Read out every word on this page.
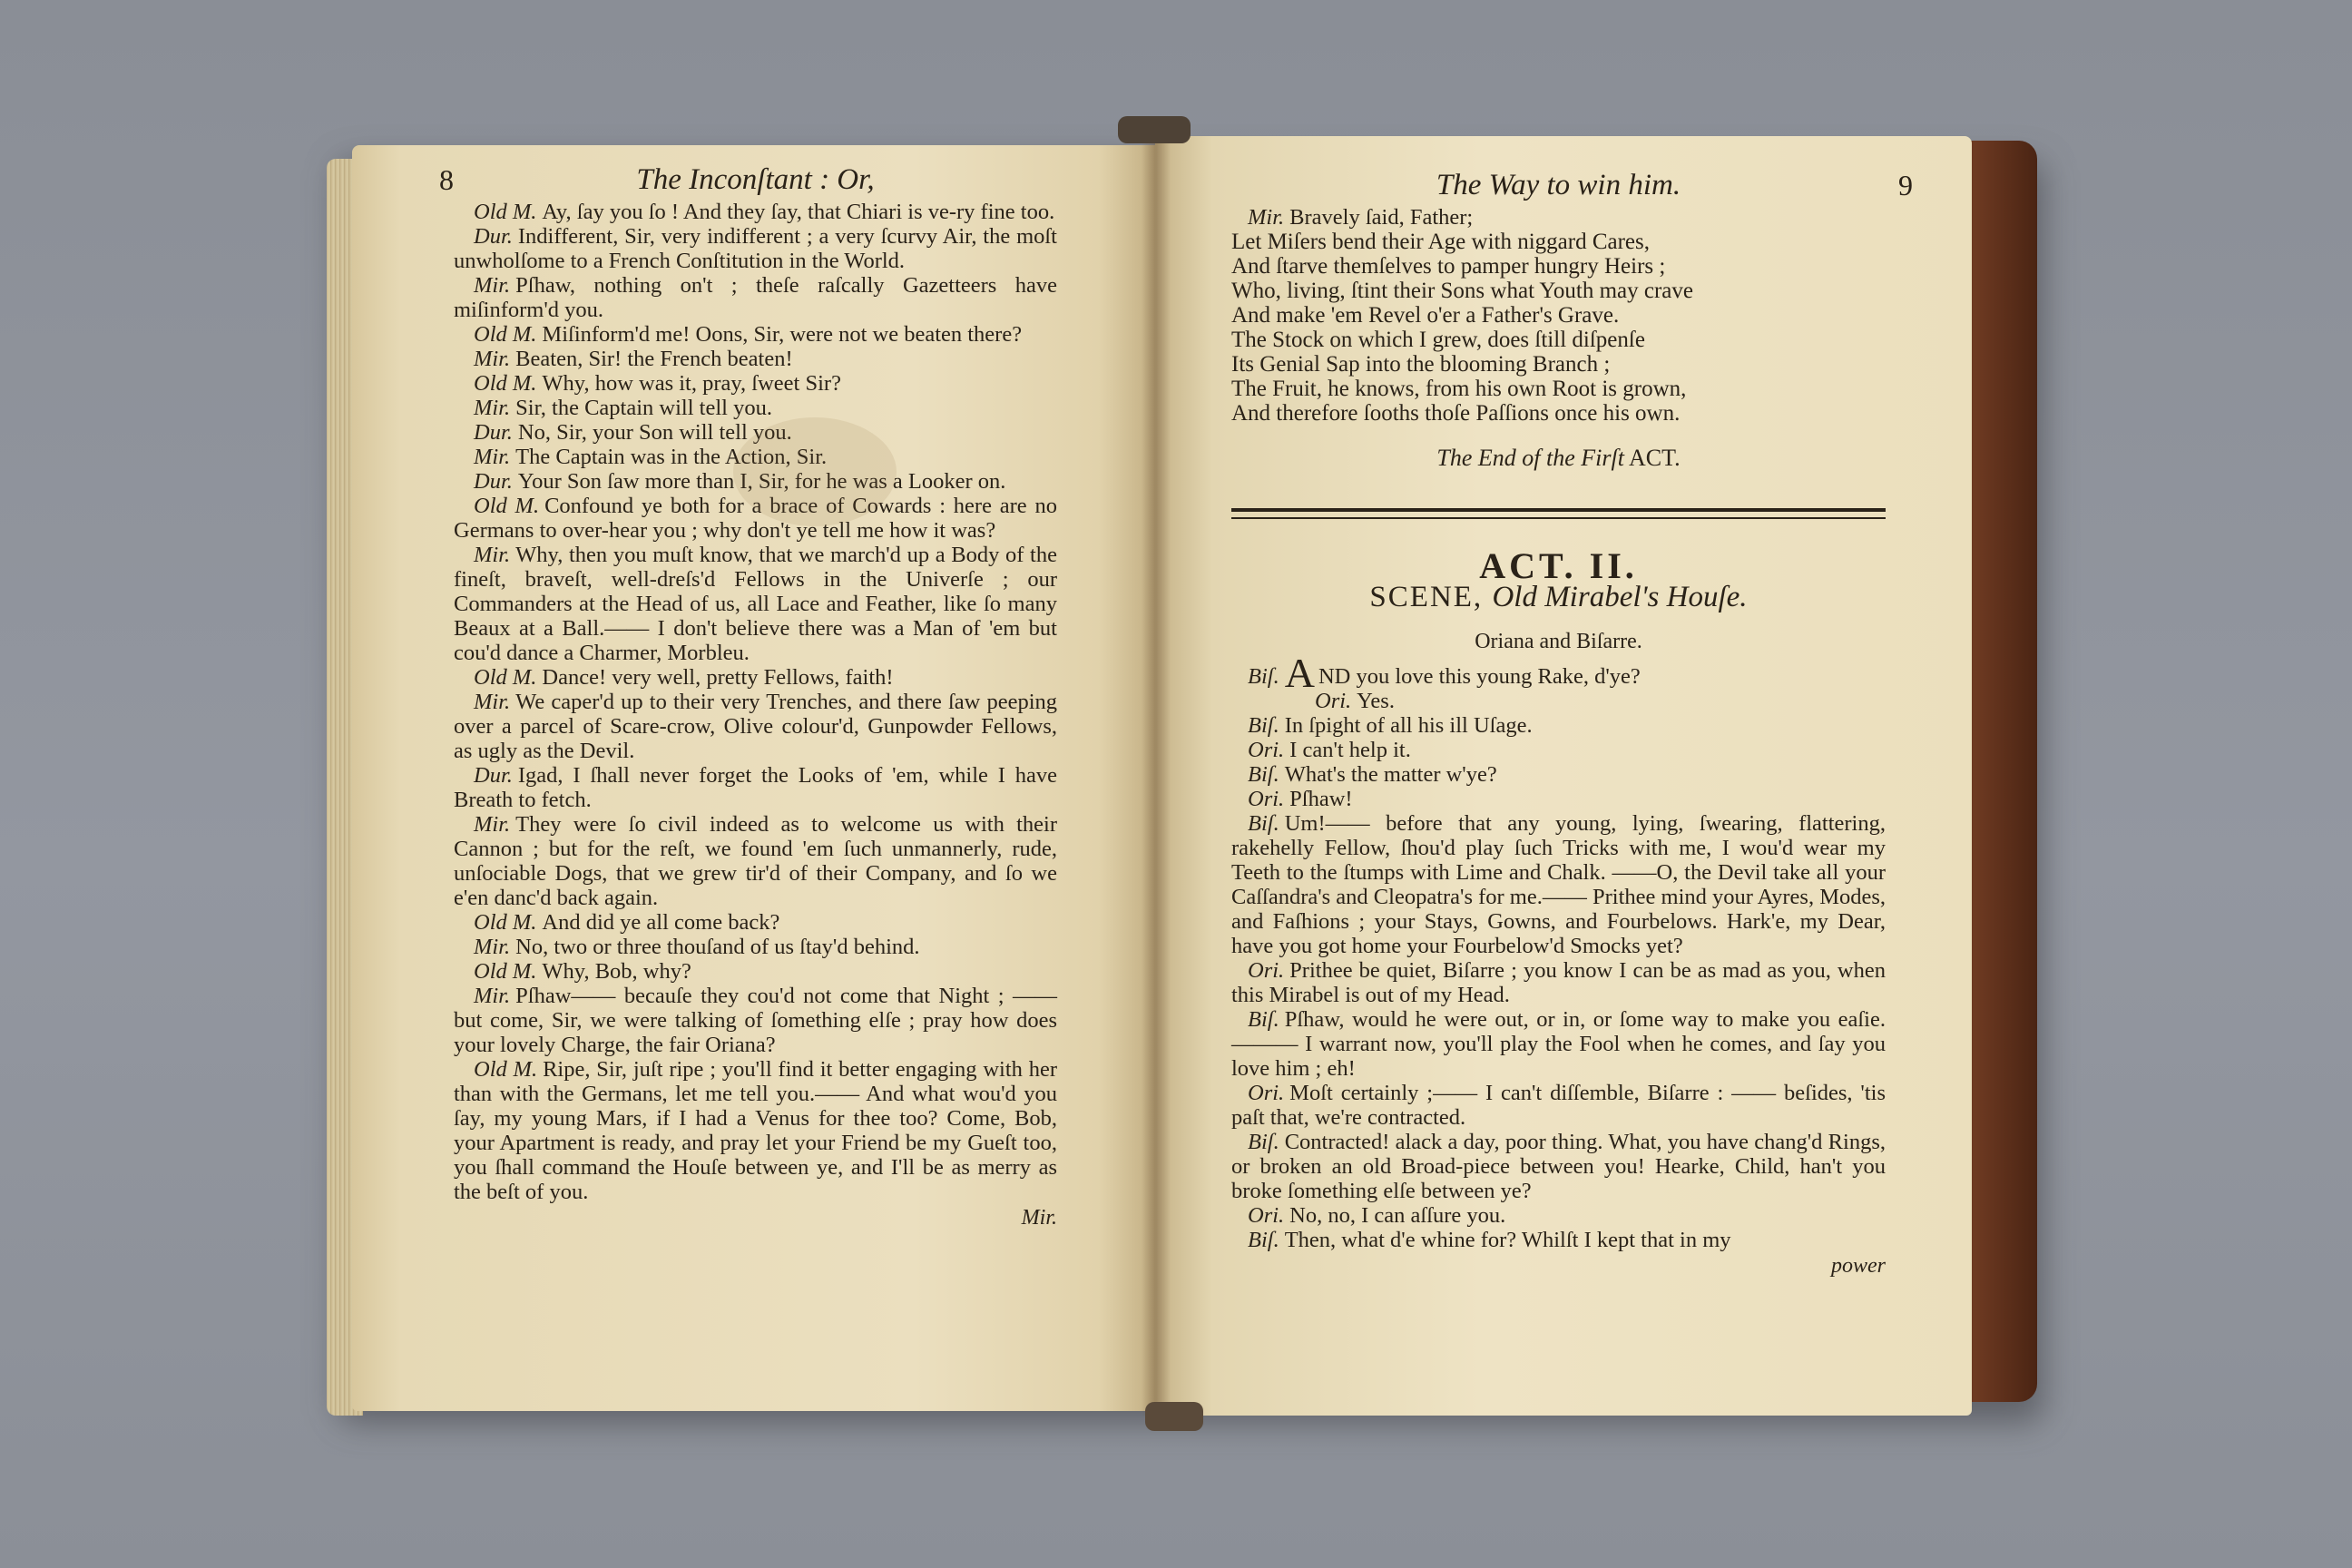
8	The Inconſtant : Or,

Old M. Ay, ſay you ſo ! And they ſay, that Chiari is ve-ry fine too.

Dur. Indifferent, Sir, very indifferent ; a very ſcurvy Air, the moſt unwholſome to a French Conſtitution in the World.

Mir. Pſhaw, nothing on't ; theſe raſcally Gazetteers have miſinform'd you.

Old M. Miſinform'd me! Oons, Sir, were not we beaten there?

Mir. Beaten, Sir! the French beaten!

Old M. Why, how was it, pray, ſweet Sir?

Mir. Sir, the Captain will tell you.

Dur. No, Sir, your Son will tell you.

Mir. The Captain was in the Action, Sir.

Dur. Your Son ſaw more than I, Sir, for he was a Looker on.

Old M. Confound ye both for a brace of Cowards : here are no Germans to over-hear you ; why don't ye tell me how it was?

Mir. Why, then you muſt know, that we march'd up a Body of the fineſt, braveſt, well-dreſs'd Fellows in the Univerſe ; our Commanders at the Head of us, all Lace and Feather, like ſo many Beaux at a Ball.—— I don't believe there was a Man of 'em but cou'd dance a Charmer, Morbleu.

Old M. Dance! very well, pretty Fellows, faith!

Mir. We caper'd up to their very Trenches, and there ſaw peeping over a parcel of Scare-crow, Olive colour'd, Gunpowder Fellows, as ugly as the Devil.

Dur. Igad, I ſhall never forget the Looks of 'em, while I have Breath to fetch.

Mir. They were ſo civil indeed as to welcome us with their Cannon ; but for the reſt, we found 'em ſuch unmannerly, rude, unſociable Dogs, that we grew tir'd of their Company, and ſo we e'en danc'd back again.

Old M. And did ye all come back?

Mir. No, two or three thouſand of us ſtay'd behind.

Old M. Why, Bob, why?

Mir. Pſhaw—— becauſe they cou'd not come that Night ; ——but come, Sir, we were talking of ſomething elſe ; pray how does your lovely Charge, the fair Oriana?

Old M. Ripe, Sir, juſt ripe ; you'll find it better engaging with her than with the Germans, let me tell you.—— And what wou'd you ſay, my young Mars, if I had a Venus for thee too? Come, Bob, your Apartment is ready, and pray let your Friend be my Gueſt too, you ſhall command the Houſe between ye, and I'll be as merry as the beſt of you.

Mir.
The Way to win him.	9

Mir. Bravely ſaid, Father;

Let Miſers bend their Age with niggard Cares,

And ſtarve themſelves to pamper hungry Heirs ;

Who, living, ſtint their Sons what Youth may crave

And make 'em Revel o'er a Father's Grave.

The Stock on which I grew, does ſtill diſpenſe

Its Genial Sap into the blooming Branch ;

The Fruit, he knows, from his own Root is grown,

And therefore ſooths thoſe Paſſions once his own.

The End of the Firſt ACT.
ACT. II.
SCENE, Old Mirabel's Houſe.
Oriana and Biſarre.

Biſ. A ND you love this young Rake, d'ye?

Ori. Yes.

Biſ. In ſpight of all his ill Uſage.

Ori. I can't help it.

Biſ. What's the matter w'ye?

Ori. Pſhaw!

Biſ. Um!—— before that any young, lying, ſwearing, flattering, rakehelly Fellow, ſhou'd play ſuch Tricks with me, I wou'd wear my Teeth to the ſtumps with Lime and Chalk. ——O, the Devil take all your Caſſandra's and Cleopatra's for me.—— Prithee mind your Ayres, Modes, and Faſhions ; your Stays, Gowns, and Fourbelows. Hark'e, my Dear, have you got home your Fourbelow'd Smocks yet?

Ori. Prithee be quiet, Biſarre ; you know I can be as mad as you, when this Mirabel is out of my Head.

Biſ. Pſhaw, would he were out, or in, or ſome way to make you eaſie.——— I warrant now, you'll play the Fool when he comes, and ſay you love him ; eh!

Ori. Moſt certainly ;—— I can't diſſemble, Biſarre : —— beſides, 'tis paſt that, we're contracted.

Biſ. Contracted! alack a day, poor thing. What, you have chang'd Rings, or broken an old Broad-piece between you! Hearke, Child, han't you broke ſomething elſe between ye?

Ori. No, no, I can aſſure you.

Biſ. Then, what d'e whine for? Whilſt I kept that in my

power
